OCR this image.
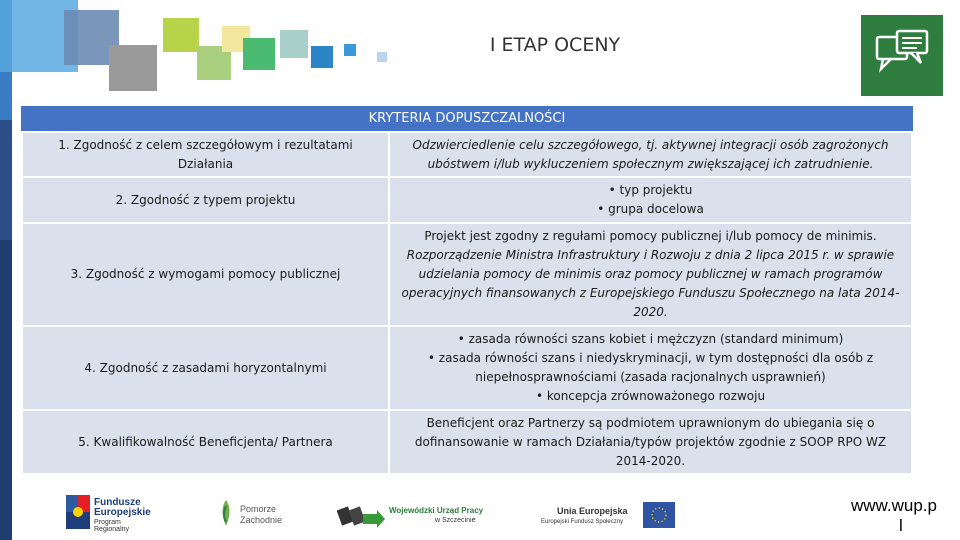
I ETAP OCENY
KRYTERIA DOPUSZCZALNOŚCI
1. Zgodność z celem szczegółowym i rezultatami Działania	Odzwierciedlenie celu szczegółowego, tj. aktywnej integracji osób zagrożonych ubóstwem i/lub wykluczeniem społecznym zwiększającej ich zatrudnienie.
2. Zgodność z typem projektu	• typ projektu
• grupa docelowa

3. Zgodność z wymogami pomocy publicznej	Projekt jest zgodny z regułami pomocy publicznej i/lub pomocy de minimis.
Rozporządzenie Ministra Infrastruktury i Rozwoju z dnia 2 lipca 2015 r. w sprawie udzielania pomocy de minimis oraz pomocy publicznej w ramach programów operacyjnych finansowanych z Europejskiego Funduszu Społecznego na lata 2014-2020.
4. Zgodność z zasadami horyzontalnymi	• zasada równości szans kobiet i mężczyzn (standard minimum)
• zasada równości szans i niedyskryminacji, w tym dostępności dla osób z niepełnosprawnościami (zasada racjonalnych usprawnień)
• koncepcja zrównoważonego rozwoju

5. Kwalifikowalność Beneficjenta/ Partnera	Beneficjent oraz Partnerzy są podmiotem uprawnionym do ubiegania się o dofinansowanie w ramach Działania/typów projektów zgodnie z SOOP RPO WZ 2014-2020.
Fundusze
Europejskie
Program Regionalny
Pomorze
Zachodnie
Wojewódzki Urząd Pracy
w Szczecinie
Unia Europejska
Europejski Fundusz Społeczny
www.wup.p
l
